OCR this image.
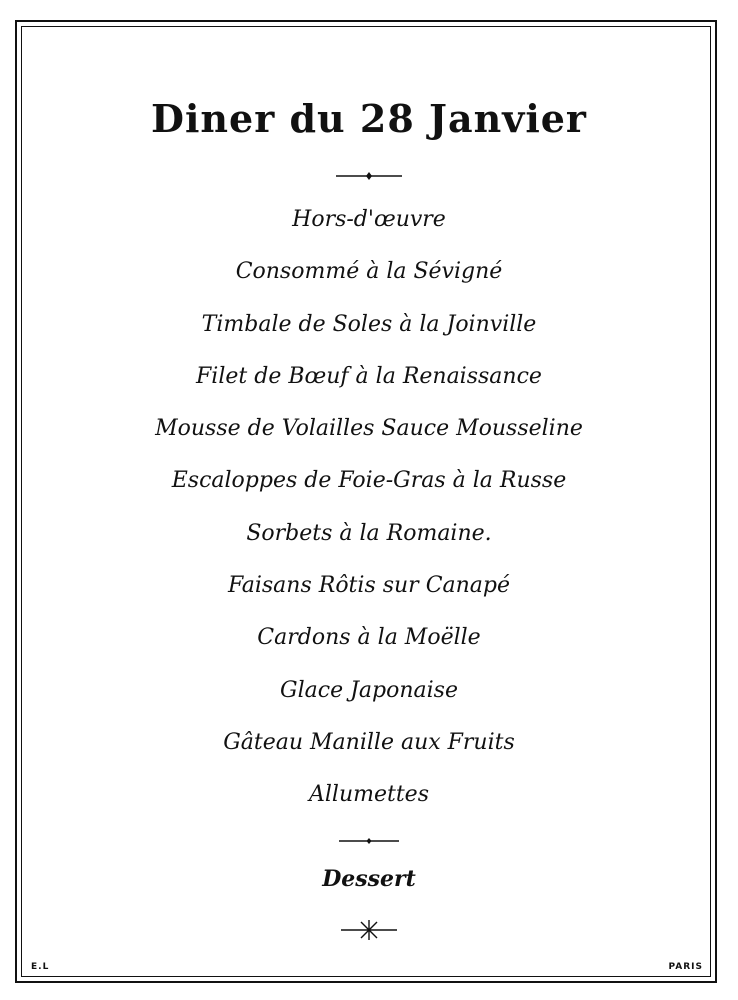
Diner du 28 Janvier
Hors-d'œuvre
Consommé à la Sévigné
Timbale de Soles à la Joinville
Filet de Bœuf à la Renaissance
Mousse de Volailles Sauce Mousseline
Escaloppes de Foie-Gras à la Russe
Sorbets à la Romaine.
Faisans Rôtis sur Canapé
Cardons à la Moëlle
Glace Japonaise
Gâteau Manille aux Fruits
Allumettes
Dessert
E.L	PARIS
